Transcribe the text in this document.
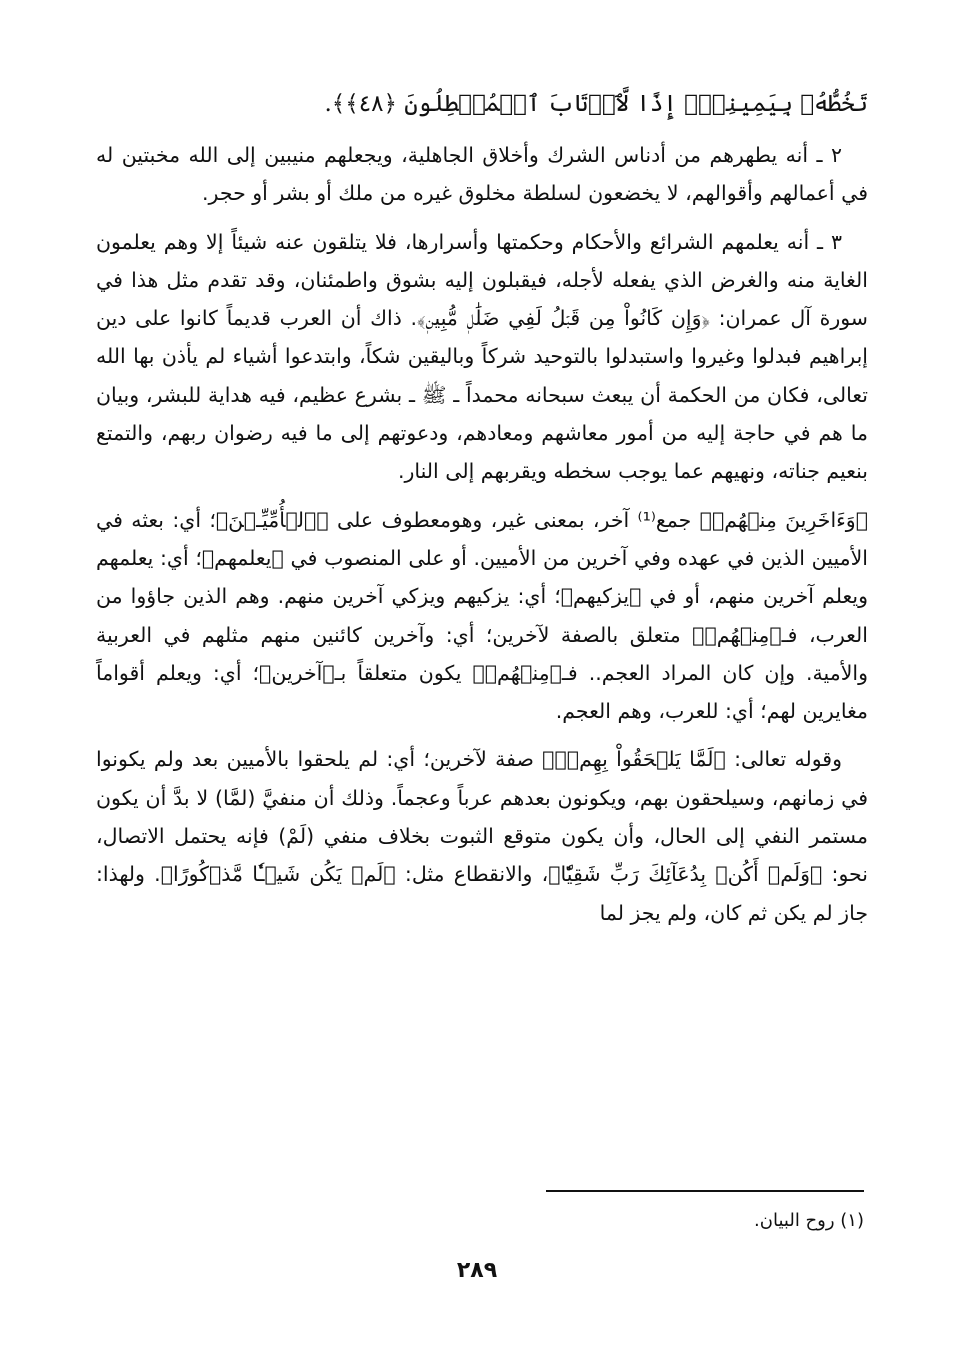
تَخُطُّهُۥ بِيَمِينِكَۖ إِذًا لَّٱرۡتَابَ ٱلۡمُبۡطِلُونَ ﴿٤٨﴾﴾.

٢ ـ أنه يطهرهم من أدناس الشرك وأخلاق الجاهلية، ويجعلهم منيبين إلى الله مخبتين له في أعمالهم وأقوالهم، لا يخضعون لسلطة مخلوق غيره من ملك أو بشر أو حجر.

٣ ـ أنه يعلمهم الشرائع والأحكام وحكمتها وأسرارها، فلا يتلقون عنه شيئاً إلا وهم يعلمون الغاية منه والغرض الذي يفعله لأجله، فيقبلون إليه بشوق واطمئنان، وقد تقدم مثل هذا في سورة آل عمران: ﴿وَإِن كَانُواْ مِن قَبۡلُ لَفِي ضَلَٰلٖ مُّبِينٖ﴾. ذاك أن العرب قديماً كانوا على دين إبراهيم فبدلوا وغيروا واستبدلوا بالتوحيد شركاً وباليقين شكاً، وابتدعوا أشياء لم يأذن بها الله تعالى، فكان من الحكمة أن يبعث سبحانه محمداً ـ ﷺ ـ بشرع عظيم، فيه هداية للبشر، وبيان ما هم في حاجة إليه من أمور معاشهم ومعادهم، ودعوتهم إلى ما فيه رضوان ربهم، والتمتع بنعيم جناته، ونهيهم عما يوجب سخطه ويقربهم إلى النار.

﴿وَءَاخَرِينَ مِنۡهُمۡ﴾ جمع⁽¹⁾ آخر، بمعنى غير، وهومعطوف على ﴿ٱلۡأُمِّيِّـۧنَ﴾؛ أي: بعثه في الأميين الذين في عهده وفي آخرين من الأميين. أو على المنصوب في ﴿يعلمهم﴾؛ أي: يعلمهم ويعلم آخرين منهم، أو في ﴿يزكيهم﴾؛ أي: يزكيهم ويزكي آخرين منهم. وهم الذين جاؤوا من العرب، فـ﴿مِنۡهُمۡ﴾ متعلق بالصفة لآخرين؛ أي: وآخرين كائنين منهم مثلهم في العربية والأمية. وإن كان المراد العجم.. فـ﴿مِنۡهُمۡ﴾ يكون متعلقاً بـ﴿آخرين﴾؛ أي: ويعلم أقواماً مغايرين لهم؛ أي: للعرب، وهم العجم.

وقوله تعالى: ﴿لَمَّا يَلۡحَقُواْ بِهِمۡۚ﴾ صفة لآخرين؛ أي: لم يلحقوا بالأميين بعد ولم يكونوا في زمانهم، وسيلحقون بهم، ويكونون بعدهم عرباً وعجماً. وذلك أن منفيَّ (لمَّا) لا بدَّ أن يكون مستمر النفي إلى الحال، وأن يكون متوقع الثبوت بخلاف منفي (لَمْ) فإنه يحتمل الاتصال، نحو: ﴿وَلَمۡ أَكُنۢ بِدُعَآئِكَ رَبِّ شَقِيّٗا﴾، والانقطاع مثل: ﴿لَمۡ يَكُن شَيۡـٔٗا مَّذۡكُورًا﴾. ولهذا: جاز لم يكن ثم كان، ولم يجز لما

(١) روح البيان.
٢٨٩
